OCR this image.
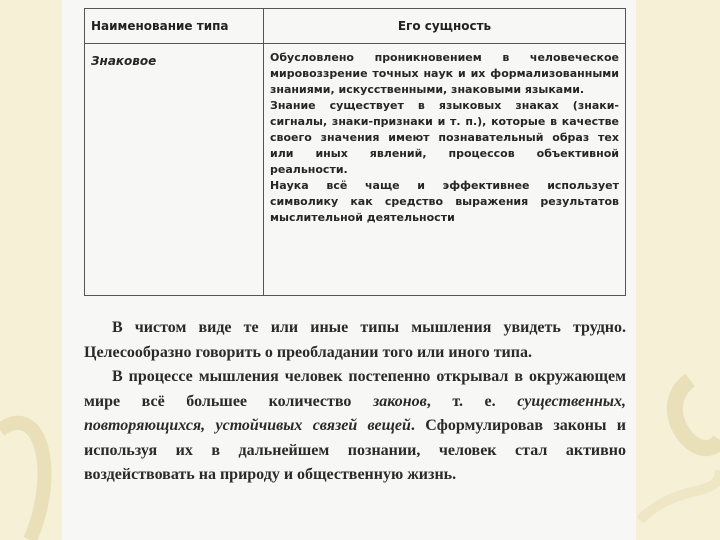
Наименование типа	Его сущность
Знаковое	Обусловлено проникновением в человеческое мировоззрение точных наук и их формализованными знаниями, искусственными, знаковыми языками.

Знание существует в языковых знаках (знаки-сигналы, знаки-признаки и т. п.), которые в качестве своего значения имеют познавательный образ тех или иных явлений, процессов объективной реальности.

Наука всё чаще и эффективнее использует символику как средство выражения результатов мыслительной деятельности

В чистом виде те или иные типы мышления увидеть трудно. Целесообразно говорить о преобладании того или иного типа.

В процессе мышления человек постепенно открывал в окружающем мире всё большее количество законов, т. е. существенных, повторяющихся, устойчивых связей вещей. Сформулировав законы и используя их в дальнейшем познании, человек стал активно воздействовать на природу и общественную жизнь.
